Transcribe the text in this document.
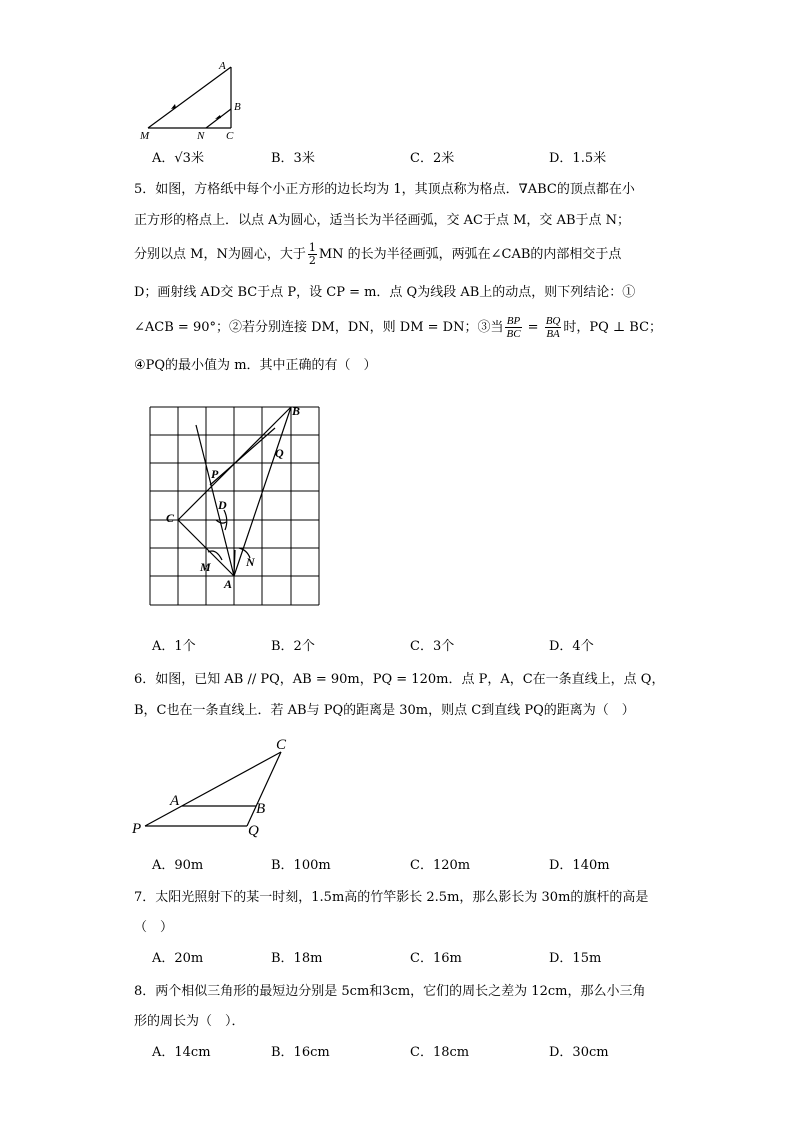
A
B
M	N C
A．√3米	B．3米	C．2米	D．1.5米
5．如图，方格纸中每个小正方形的边长均为 1，其顶点称为格点．∇ABC的顶点都在小
正方形的格点上．以点 A为圆心，适当长为半径画弧，交 AC于点 M，交 AB于点 N；
分别以点 M，N为圆心，大于 $\frac{1}{2}$ MN 的长为半径画弧，两弧在∠CAB的内部相交于点
D；画射线 AD交 BC于点 P，设 CP = m．点 Q为线段 AB上的动点，则下列结论：①
∠ACB = 90°；②若分别连接 DM，DN，则 DM = DN；③当 $\frac{BP}{BC} = \frac{BQ}{BA}$ 时，PQ ⊥ BC；
④PQ的最小值为 m．其中正确的有（　）
B
Q
P
D
C
M	N
A
A．1个	B．2个	C．3个	D．4个
6．如图，已知 AB // PQ，AB = 90m，PQ = 120m．点 P，A，C在一条直线上，点 Q，
B，C也在一条直线上．若 AB与 PQ的距离是 30m，则点 C到直线 PQ的距离为（　）
C
A	B
P	Q
A．90m	B．100m	C．120m	D．140m
7．太阳光照射下的某一时刻，1.5m高的竹竿影长 2.5m，那么影长为 30m的旗杆的高是
（　）
A．20m	B．18m	C．16m	D．15m
8．两个相似三角形的最短边分别是 5cm和3cm，它们的周长之差为 12cm，那么小三角
形的周长为（　）．
A．14cm	B．16cm	C．18cm	D．30cm
